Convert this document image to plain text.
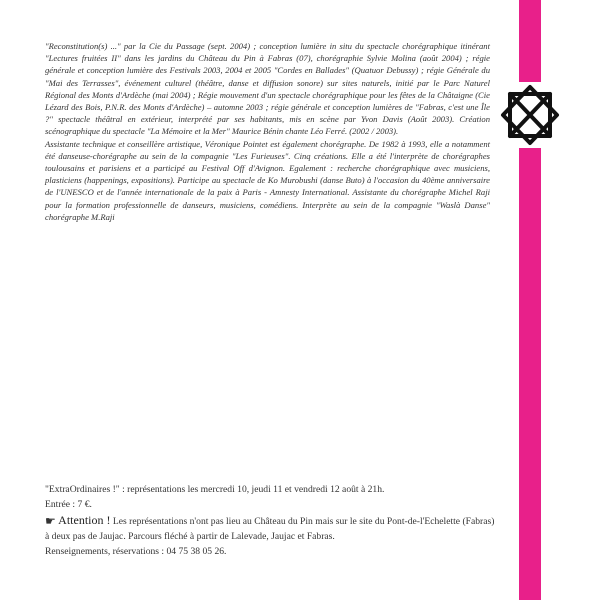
"Reconstitution(s) ..." par la Cie du Passage (sept. 2004) ; conception lumière in situ du spectacle chorégraphique itinérant "Lectures fruitées II" dans les jardins du Château du Pin à Fabras (07), chorégraphie Sylvie Molina (août 2004) ; régie générale et conception lumière des Festivals 2003, 2004 et 2005 "Cordes en Ballades" (Quatuor Debussy) ; régie Générale du "Mai des Terrasses", événement culturel (théâtre, danse et diffusion sonore) sur sites naturels, initié par le Parc Naturel Régional des Monts d'Ardèche (mai 2004) ; Régie mouvement d'un spectacle chorégraphique pour les fêtes de la Châtaigne (Cie Lézard des Bois, P.N.R. des Monts d'Ardèche) – automne 2003 ; régie générale et conception lumières de "Fabras, c'est une Île ?" spectacle théâtral en extérieur, interprété par ses habitants, mis en scène par Yvon Davis (Août 2003). Création scénographique du spectacle "La Mémoire et la Mer" Maurice Bénin chante Léo Ferré. (2002 / 2003).

Assistante technique et conseillère artistique, Véronique Pointet est également chorégraphe. De 1982 à 1993, elle a notamment été danseuse-chorégraphe au sein de la compagnie "Les Furieuses". Cinq créations. Elle a été l'interprète de chorégraphes toulousains et parisiens et a participé au Festival Off d'Avignon. Egalement : recherche chorégraphique avec musiciens, plasticiens (happenings, expositions). Participe au spectacle de Ko Murobushi (danse Buto) à l'occasion du 40ème anniversaire de l'UNESCO et de l'année internationale de la paix à Paris - Amnesty International. Assistante du chorégraphe Michel Raji pour la formation professionnelle de danseurs, musiciens, comédiens. Interprète au sein de la compagnie "Waslà Danse" chorégraphe M.Raji

"ExtraOrdinaires !" : représentations les mercredi 10, jeudi 11 et vendredi 12 août à 21h.

Entrée : 7 €.

☛ Attention ! Les représentations n'ont pas lieu au Château du Pin mais sur le site du Pont-de-l'Echelette (Fabras) à deux pas de Jaujac. Parcours fléché à partir de Lalevade, Jaujac et Fabras.

Renseignements, réservations : 04 75 38 05 26.
